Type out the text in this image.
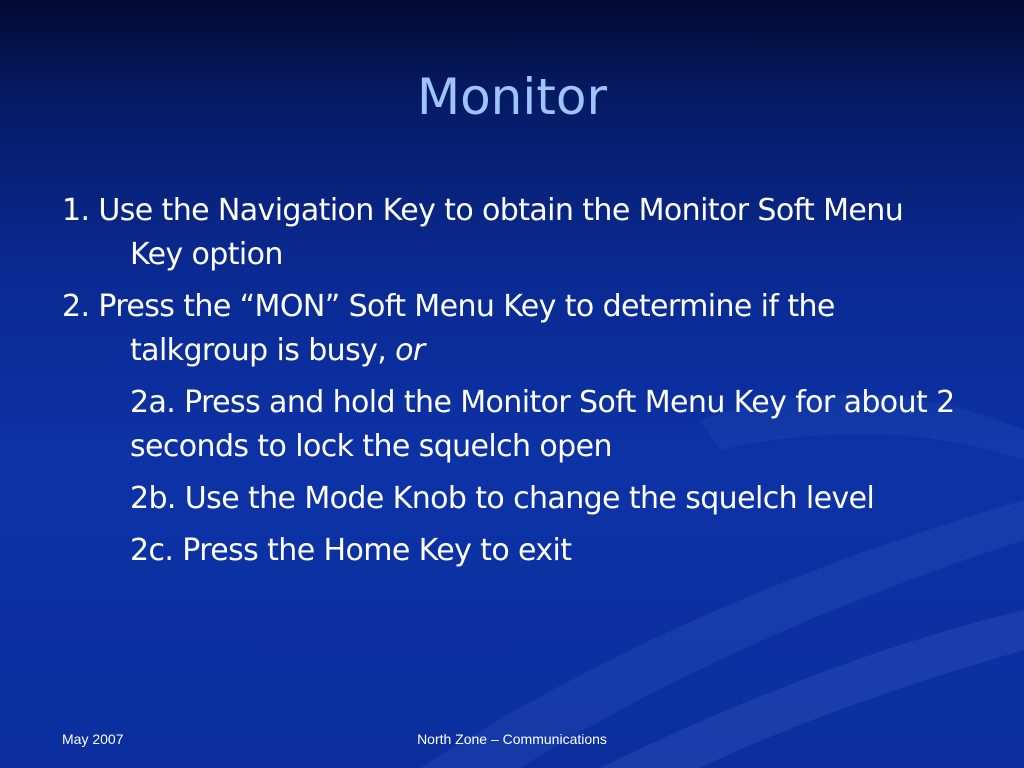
Monitor

1. Use the Navigation Key to obtain the Monitor Soft Menu Key option

2. Press the “MON” Soft Menu Key to determine if the talkgroup is busy, or

2a. Press and hold the Monitor Soft Menu Key for about 2 seconds to lock the squelch open

2b. Use the Mode Knob to change the squelch level

2c. Press the Home Key to exit

May 2007	North Zone – Communications
